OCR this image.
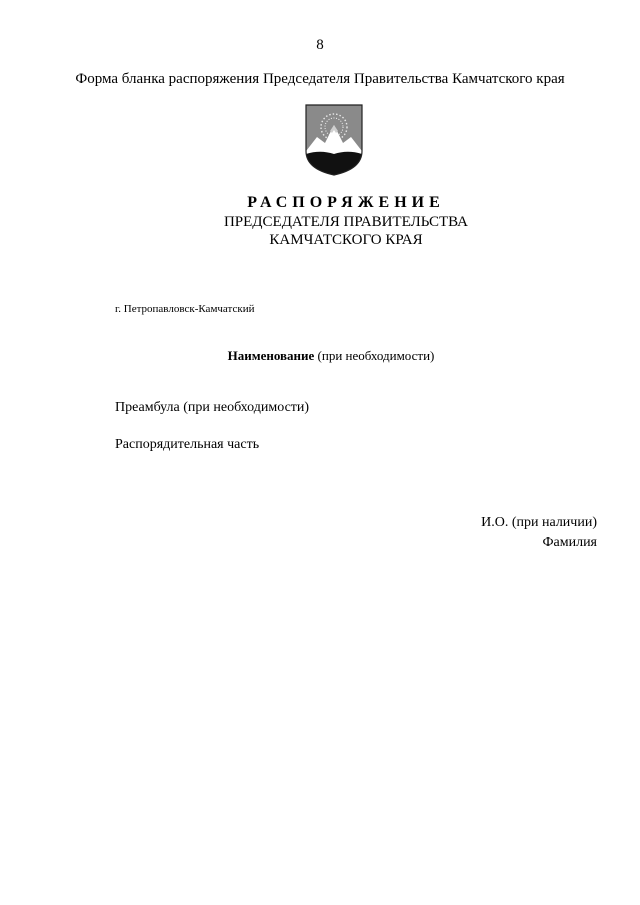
8
Форма бланка распоряжения Председателя Правительства Камчатского края
РАСПОРЯЖЕНИЕ
ПРЕДСЕДАТЕЛЯ ПРАВИТЕЛЬСТВА
КАМЧАТСКОГО КРАЯ
г. Петропавловск-Камчатский
Наименование (при необходимости)
Преамбула (при необходимости)
Распорядительная часть
И.О. (при наличии)
Фамилия
